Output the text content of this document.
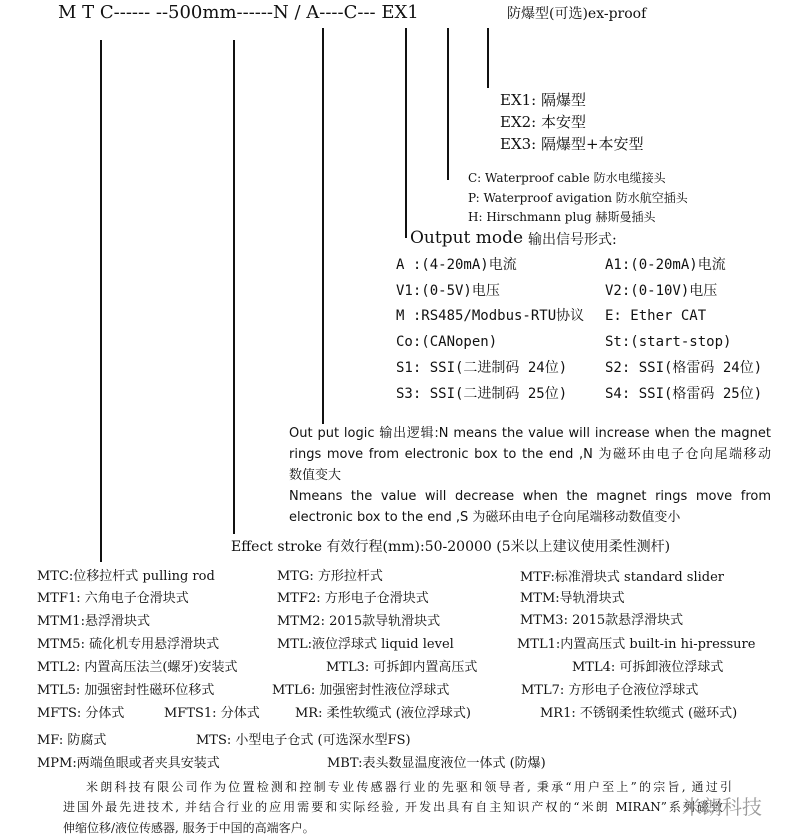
M T C------ --500mm------N / A----C--- EX1	防爆型(可选)ex-proof
EX1: 隔爆型
EX2: 本安型
EX3: 隔爆型+本安型
C: Waterproof cable 防水电缆接头
P: Waterproof avigation 防水航空插头
H: Hirschmann plug 赫斯曼插头
Output mode 输出信号形式:
A :(4-20mA)电流	A1:(0-20mA)电流
V1:(0-5V)电压	V2:(0-10V)电压
M :RS485/Modbus-RTU协议 E: Ether CAT
Co:(CANopen)	St:(start-stop)
S1: SSI(二进制码 24位)	S2: SSI(格雷码 24位)
S3: SSI(二进制码 25位)	S4: SSI(格雷码 25位)
Out put logic 输出逻辑:N means the value will increase when the magnet
rings move from electronic box to the end ,N 为磁环由电子仓向尾端移动
数值变大
Nmeans the value will decrease when the magnet rings move from
electronic box to the end ,S 为磁环由电子仓向尾端移动数值变小
Effect stroke 有效行程(mm):50-20000 (5米以上建议使用柔性测杆)
MTC:位移拉杆式 pulling rod	MTG: 方形拉杆式	MTF:标准滑块式 standard slider
MTF1: 六角电子仓滑块式	MTF2: 方形电子仓滑块式	MTM:导轨滑块式
MTM1:悬浮滑块式	MTM2: 2015款导轨滑块式	MTM3: 2015款悬浮滑块式
MTM5: 硫化机专用悬浮滑块式	MTL:液位浮球式 liquid level	MTL1:内置高压式 built-in hi-pressure
MTL2: 内置高压法兰(螺牙)安装式	MTL3: 可拆卸内置高压式	MTL4: 可拆卸液位浮球式
MTL5: 加强密封性磁环位移式	MTL6: 加强密封性液位浮球式	MTL7: 方形电子仓液位浮球式
MFTS: 分体式	MFTS1: 分体式	MR: 柔性软缆式 (液位浮球式)	MR1: 不锈钢柔性软缆式 (磁环式)
MF: 防腐式	MTS: 小型电子仓式 (可选深水型FS)
MPM:两端鱼眼或者夹具安装式	MBT:表头数显温度液位一体式 (防爆)
米朗科技有限公司作为位置检测和控制专业传感器行业的先驱和领导者, 秉承“用户至上”的宗旨, 通过引
进国外最先进技术, 并结合行业的应用需要和实际经验, 开发出具有自主知识产权的“米朗 MIRAN”系列磁致
伸缩位移/液位传感器, 服务于中国的高端客户。
米朗科技
